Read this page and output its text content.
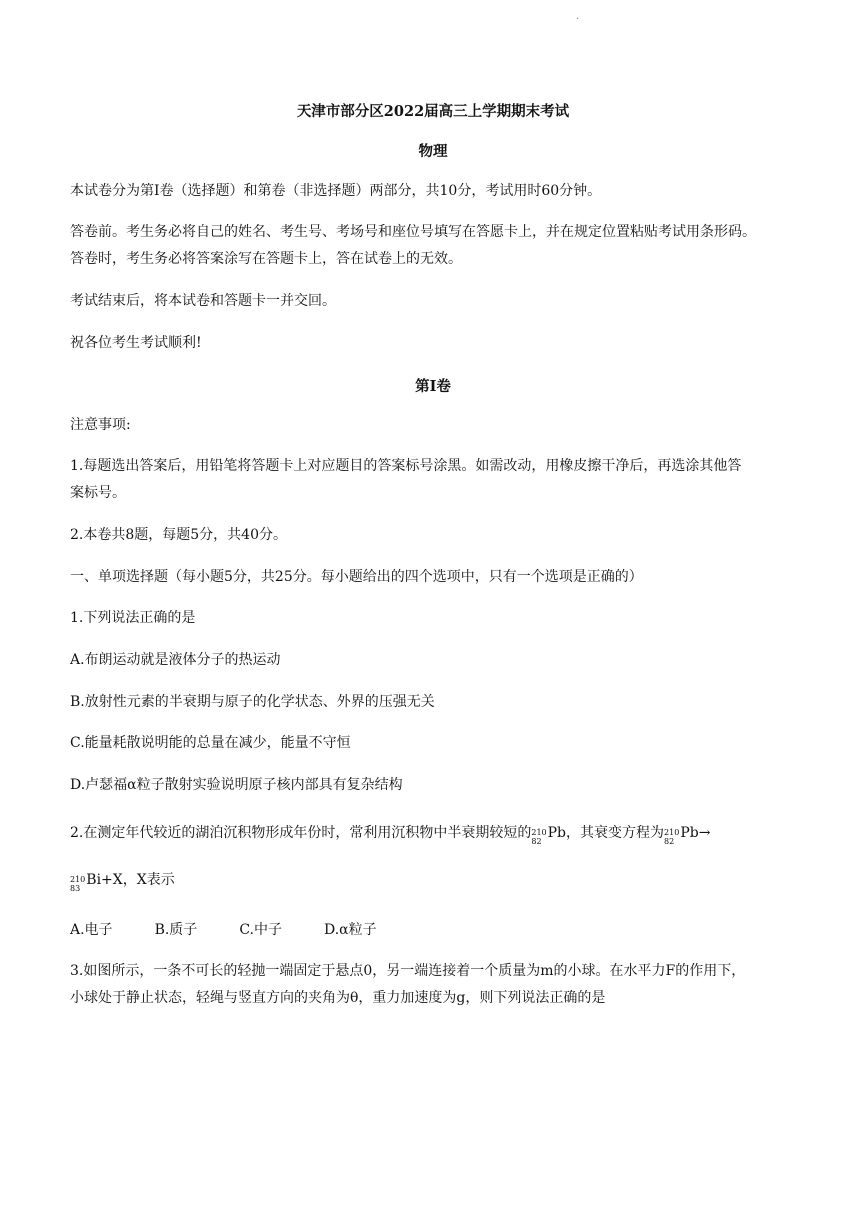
·
天津市部分区2022届高三上学期期末考试
物理
本试卷分为第Ⅰ卷（选择题）和第卷（非选择题）两部分，共10分，考试用时60分钟。
答卷前。考生务必将自己的姓名、考生号、考场号和座位号填写在答愿卡上，并在规定位置粘贴考试用条形码。
答卷时，考生务必将答案涂写在答题卡上，答在试卷上的无效。
考试结束后，将本试卷和答题卡一并交回。
祝各位考生考试顺利!
第Ⅰ卷
注意事项:
1.每题选出答案后，用铅笔将答题卡上对应题目的答案标号涂黑。如需改动，用橡皮擦干净后，再选涂其他答
案标号。
2.本卷共8题，每题5分，共40分。
一、单项选择题（每小题5分，共25分。每小题给出的四个选项中，只有一个选项是正确的）
1.下列说法正确的是
A.布朗运动就是液体分子的热运动
B.放射性元素的半衰期与原子的化学状态、外界的压强无关
C.能量耗散说明能的总量在减少，能量不守恒
D.卢瑟福α粒子散射实验说明原子核内部具有复杂结构
2.在测定年代较近的湖泊沉积物形成年份时，常利用沉积物中半衰期较短的 210
82
Pb ，其衰变方程为 210
82
Pb →
210
83
Bi+X，X表示
A.电子	B.质子	C.中子	D.α粒子
3.如图所示，一条不可长的轻抛一端固定于悬点0，另一端连接着一个质量为m的小球。在水平力F的作用下，
小球处于静止状态，轻绳与竖直方向的夹角为θ，重力加速度为g，则下列说法正确的是
